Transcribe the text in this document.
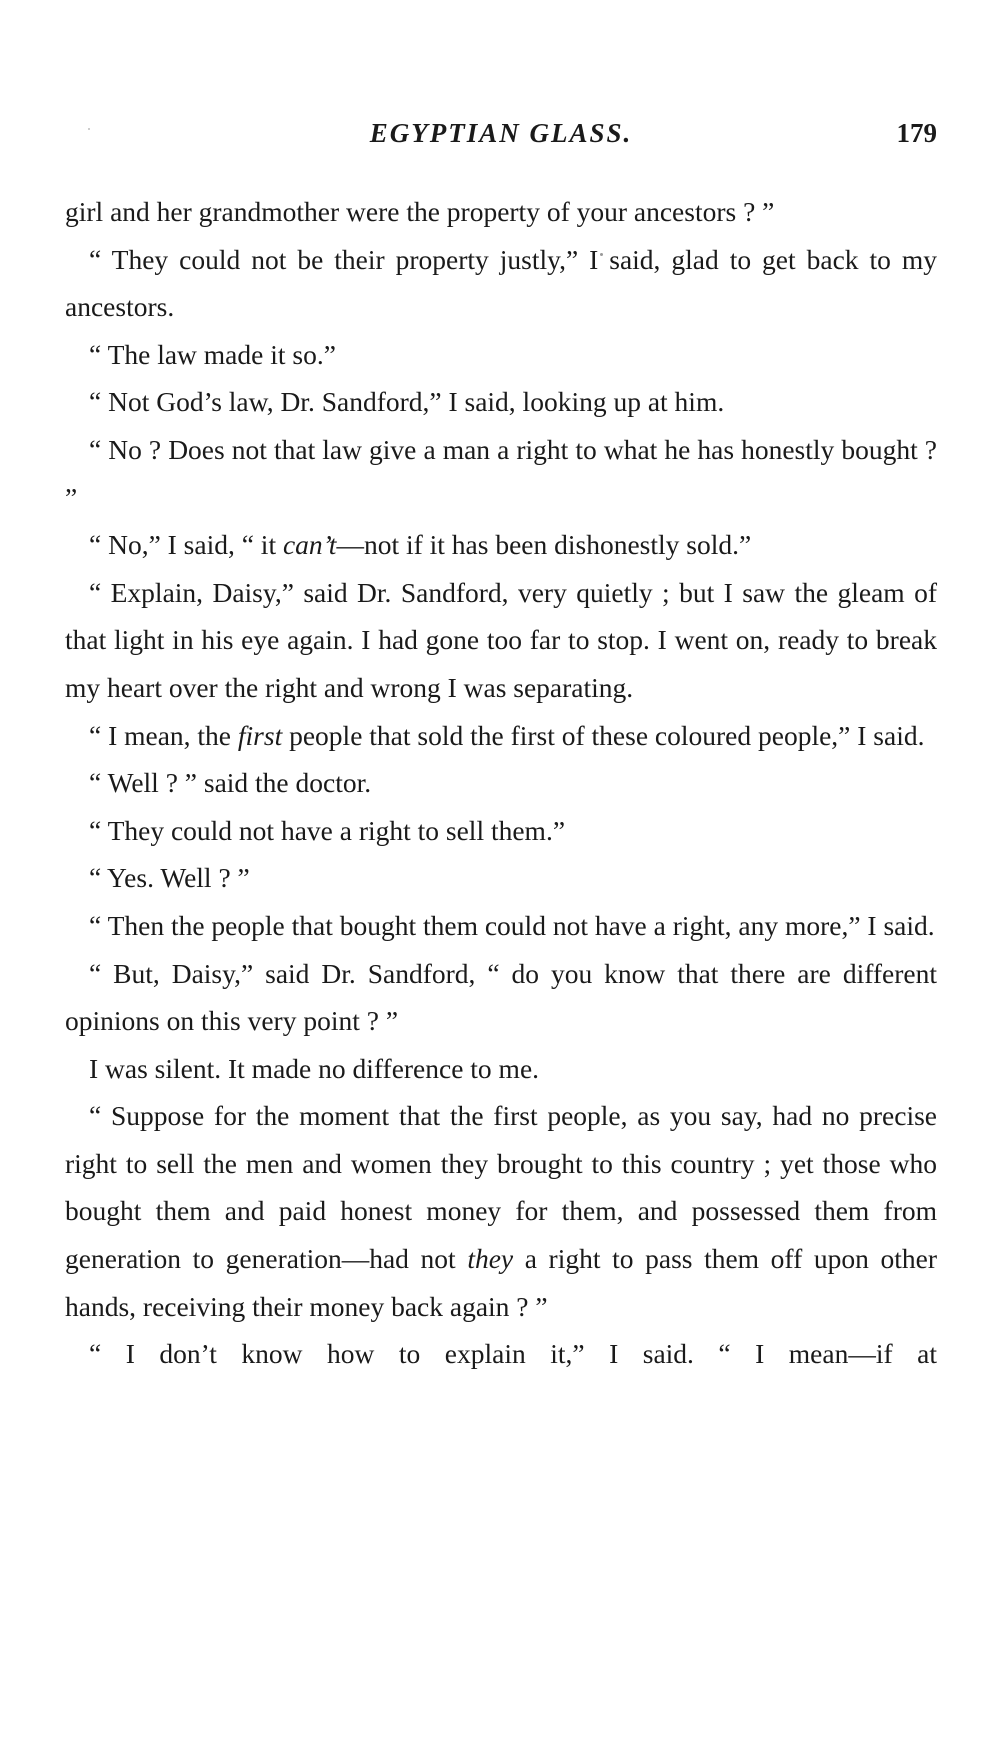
EGYPTIAN GLASS.	179

girl and her grandmother were the property of your ancestors ? ”

“ They could not be their property justly,” I said, glad to get back to my ancestors.

“ The law made it so.”

“ Not God’s law, Dr. Sandford,” I said, looking up at him.

“ No ? Does not that law give a man a right to what he has honestly bought ? ”

“ No,” I said, “ it can’t—not if it has been dishonestly sold.”

“ Explain, Daisy,” said Dr. Sandford, very quietly ; but I saw the gleam of that light in his eye again. I had gone too far to stop. I went on, ready to break my heart over the right and wrong I was separating.

“ I mean, the first people that sold the first of these coloured people,” I said.

“ Well ? ” said the doctor.

“ They could not have a right to sell them.”

“ Yes. Well ? ”

“ Then the people that bought them could not have a right, any more,” I said.

“ But, Daisy,” said Dr. Sandford, “ do you know that there are different opinions on this very point ? ”

I was silent. It made no difference to me.

“ Suppose for the moment that the first people, as you say, had no precise right to sell the men and women they brought to this country ; yet those who bought them and paid honest money for them, and possessed them from generation to generation—had not they a right to pass them off upon other hands, receiving their money back again ? ”

“ I don’t know how to explain it,” I said. “ I mean—if at
